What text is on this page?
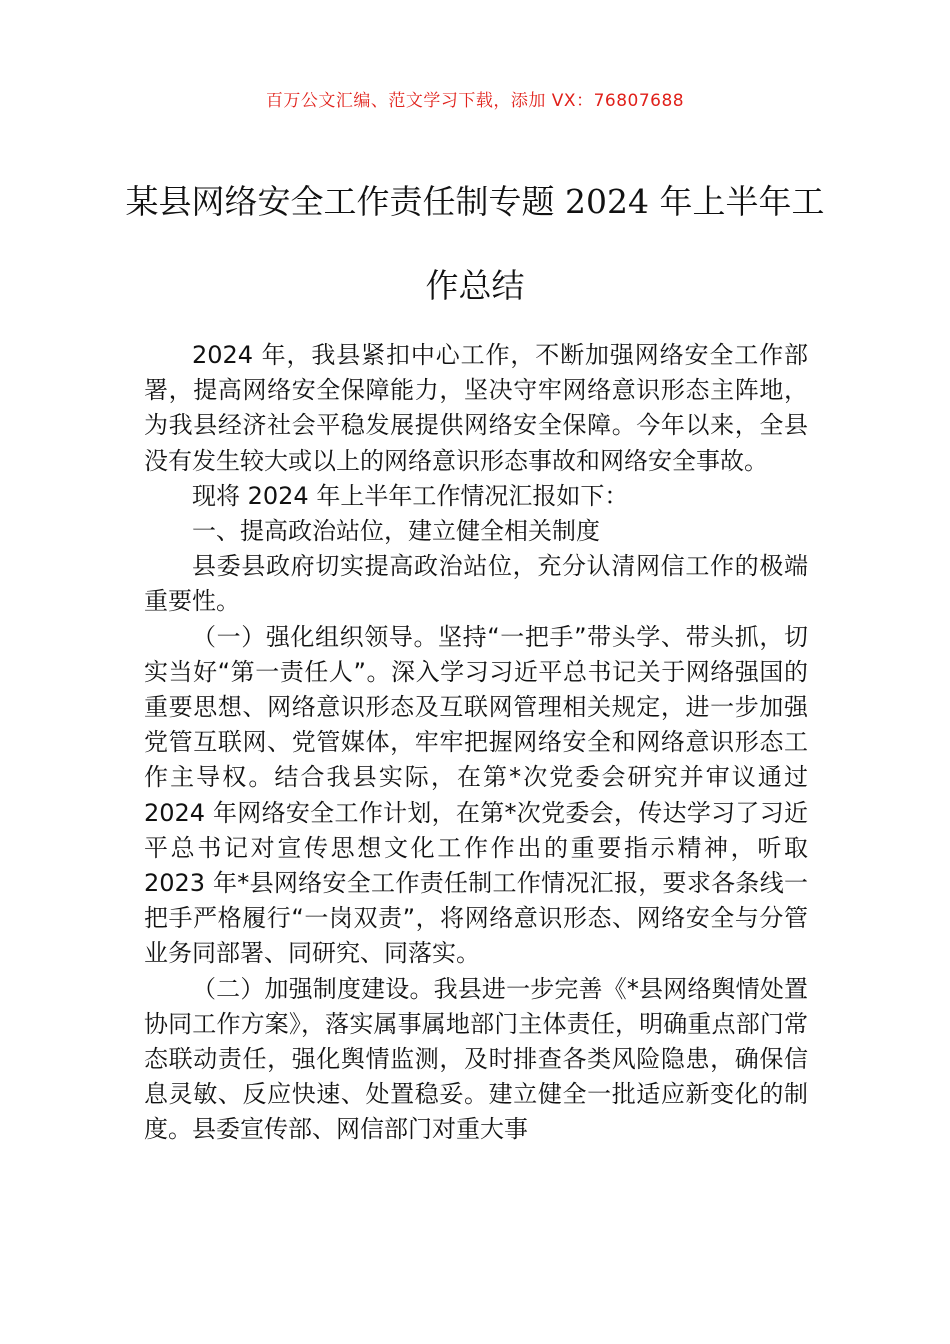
百万公文汇编、范文学习下载，添加 VX：76807688
某县网络安全工作责任制专题 2024 年上半年工作总结

2024 年，我县紧扣中心工作，不断加强网络安全工作部署，提高网络安全保障能力，坚决守牢网络意识形态主阵地，为我县经济社会平稳发展提供网络安全保障。今年以来，全县没有发生较大或以上的网络意识形态事故和网络安全事故。

现将 2024 年上半年工作情况汇报如下：

一、提高政治站位，建立健全相关制度

县委县政府切实提高政治站位，充分认清网信工作的极端重要性。

（一）强化组织领导。坚持“一把手”带头学、带头抓，切实当好“第一责任人”。深入学习习近平总书记关于网络强国的重要思想、网络意识形态及互联网管理相关规定，进一步加强党管互联网、党管媒体，牢牢把握网络安全和网络意识形态工作主导权。结合我县实际，在第*次党委会研究并审议通过 2024 年网络安全工作计划，在第*次党委会，传达学习了习近平总书记对宣传思想文化工作作出的重要指示精神，听取 2023 年*县网络安全工作责任制工作情况汇报，要求各条线一把手严格履行“一岗双责”，将网络意识形态、网络安全与分管业务同部署、同研究、同落实。

（二）加强制度建设。我县进一步完善《*县网络舆情处置协同工作方案》，落实属事属地部门主体责任，明确重点部门常态联动责任，强化舆情监测，及时排查各类风险隐患，确保信息灵敏、反应快速、处置稳妥。建立健全一批适应新变化的制度。县委宣传部、网信部门对重大事
